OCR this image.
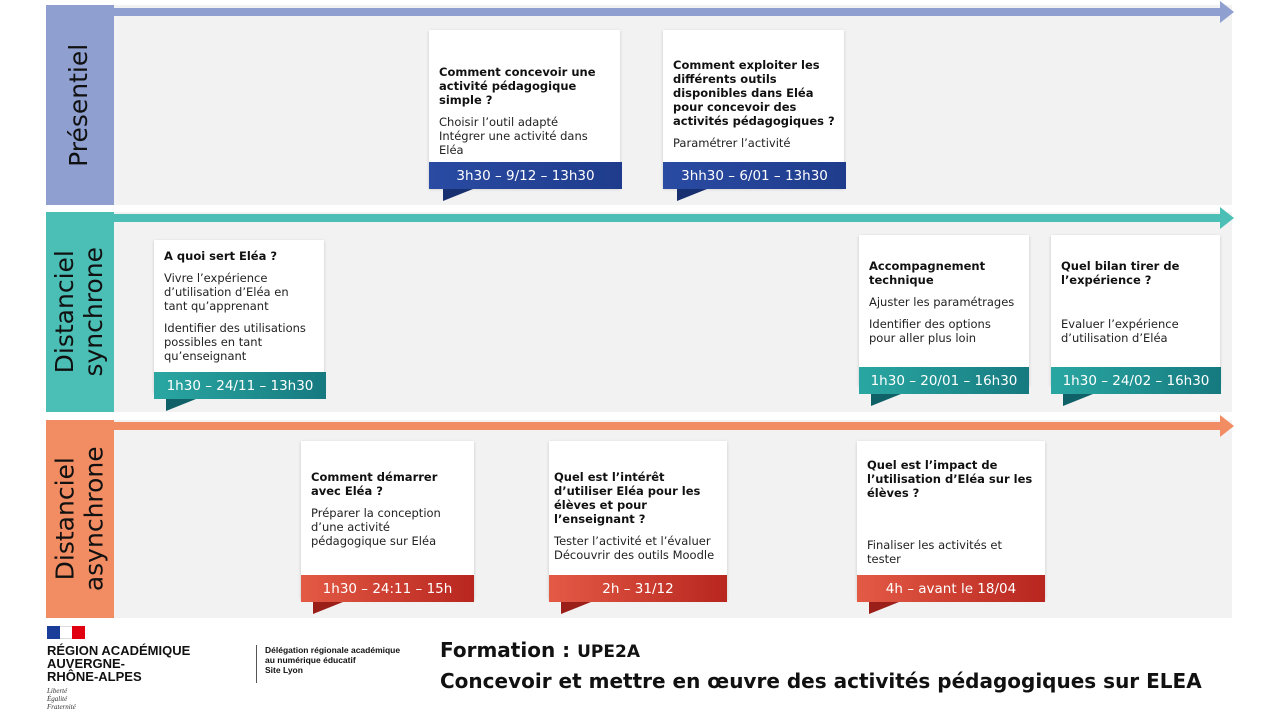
Présentiel
Distanciel synchrone
Distanciel asynchrone
Comment concevoir une activité pédagogique simple ?
Choisir l’outil adapté
Intégrer une activité dans Eléa
3h30 – 9/12 – 13h30
Comment exploiter les différents outils disponibles dans Eléa pour concevoir des activités pédagogiques ?
Paramétrer l’activité
3hh30 – 6/01 – 13h30
A quoi sert Eléa ?
Vivre l’expérience d’utilisation d’Eléa en tant qu’apprenant
Identifier des utilisations possibles en tant qu’enseignant
1h30 – 24/11 – 13h30
Accompagnement technique
Ajuster les paramétrages
Identifier des options pour aller plus loin
1h30 – 20/01 – 16h30
Quel bilan tirer de l’expérience ?
Evaluer l’expérience d’utilisation d’Eléa
1h30 – 24/02 – 16h30
Comment démarrer avec Eléa ?
Préparer la conception d’une activité pédagogique sur Eléa
1h30 – 24:11 – 15h
Quel est l’intérêt d’utiliser Eléa pour les élèves et pour l’enseignant ?
Tester l’activité et l’évaluer
Découvrir des outils Moodle
2h – 31/12
Quel est l’impact de l’utilisation d’Eléa sur les élèves ?
Finaliser les activités et tester
4h – avant le 18/04
RÉGION ACADÉMIQUE
AUVERGNE-
RHÔNE-ALPES
Liberté
Égalité
Fraternité
Délégation régionale académique
au numérique éducatif
Site Lyon
Formation : UPE2A
Concevoir et mettre en œuvre des activités pédagogiques sur ELEA
